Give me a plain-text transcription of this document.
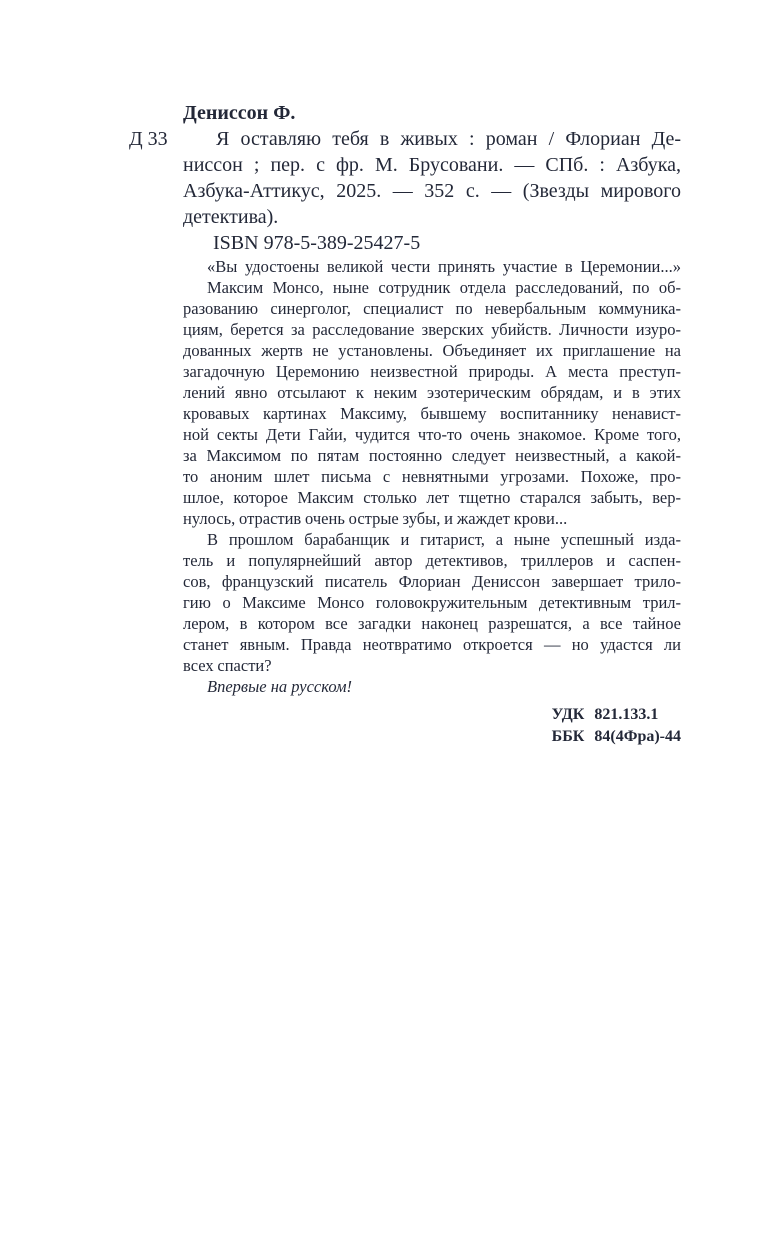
Дениссон Ф.
Д 33	Я оставляю тебя в живых : роман / Флориан Де-
ниссон ; пер. с фр. М. Брусовани. — СПб. : Азбука,
Азбука-Аттикус, 2025. — 352 с. — (Звезды мирового
детектива).
ISBN 978-5-389-25427-5
«Вы удостоены великой чести принять участие в Церемонии...»
Максим Монсо, ныне сотрудник отдела расследований, по об-
разованию синерголог, специалист по невербальным коммуника-
циям, берется за расследование зверских убийств. Личности изуро-
дованных жертв не установлены. Объединяет их приглашение на
загадочную Церемонию неизвестной природы. А места преступ-
лений явно отсылают к неким эзотерическим обрядам, и в этих
кровавых картинах Максиму, бывшему воспитаннику ненавист-
ной секты Дети Гайи, чудится что-то очень знакомое. Кроме того,
за Максимом по пятам постоянно следует неизвестный, а какой-
то аноним шлет письма с невнятными угрозами. Похоже, про-
шлое, которое Максим столько лет тщетно старался забыть, вер-
нулось, отрастив очень острые зубы, и жаждет крови...
В прошлом барабанщик и гитарист, а ныне успешный изда-
тель и популярнейший автор детективов, триллеров и саспен-
сов, французский писатель Флориан Дениссон завершает трило-
гию о Максиме Монсо головокружительным детективным трил-
лером, в котором все загадки наконец разрешатся, а все тайное
станет явным. Правда неотвратимо откроется — но удастся ли
всех спасти?
Впервые на русском!
УДК 821.133.1
ББК 84(4Фра)-44
